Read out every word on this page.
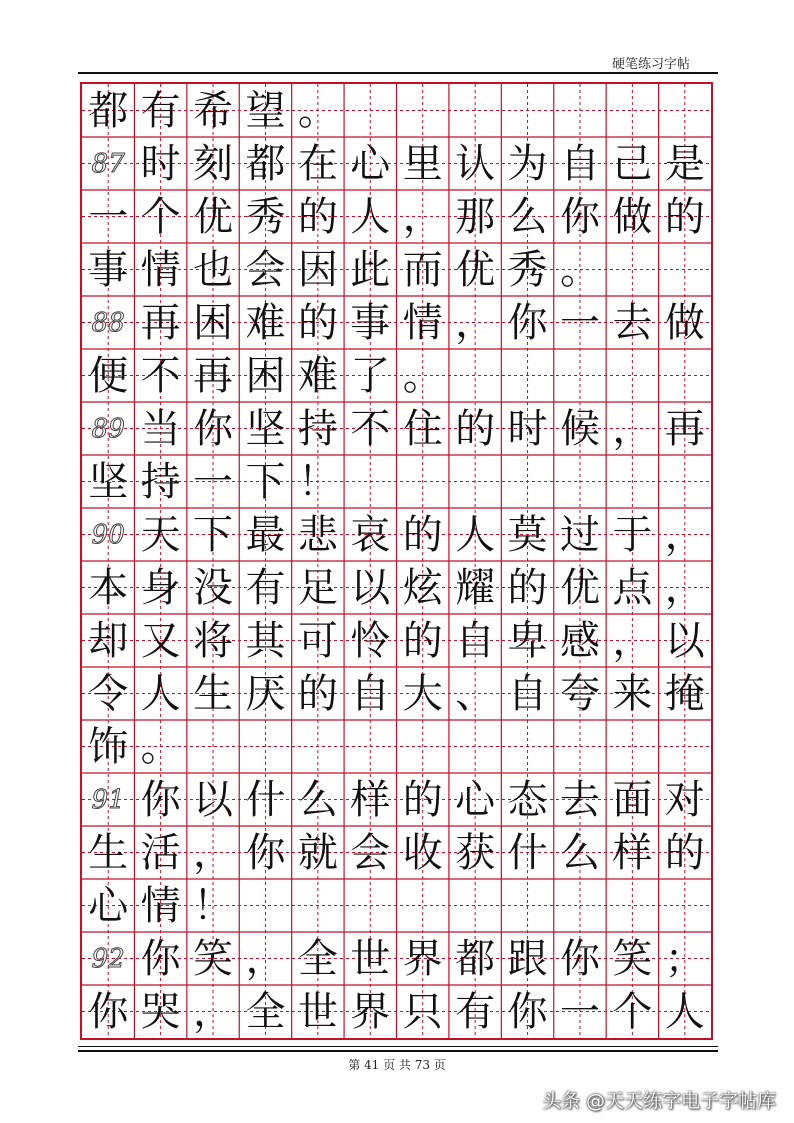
硬笔练习字帖
都 有 希 望 。
87 时 刻 都 在 心 里 认 为 自 己 是
一 个 优 秀 的 人 ， 那 么 你 做 的
事 情 也 会 因 此 而 优 秀 。
88 再 困 难 的 事 情 ， 你 一 去 做
便 不 再 困 难 了 。
89 当 你 坚 持 不 住 的 时 候 ， 再
坚 持 一 下 ！
90 天 下 最 悲 哀 的 人 莫 过 于 ，
本 身 没 有 足 以 炫 耀 的 优 点 ，
却 又 将 其 可 怜 的 自 卑 感 ， 以
令 人 生 厌 的 自 大 、 自 夸 来 掩
饰 。
91 你 以 什 么 样 的 心 态 去 面 对
生 活 ， 你 就 会 收 获 什 么 样 的
心 情 ！
92 你 笑 ， 全 世 界 都 跟 你 笑 ；
你 哭 ， 全 世 界 只 有 你 一 个 人
第 41 页 共 73 页
头条 @天天练字电子字帖库
